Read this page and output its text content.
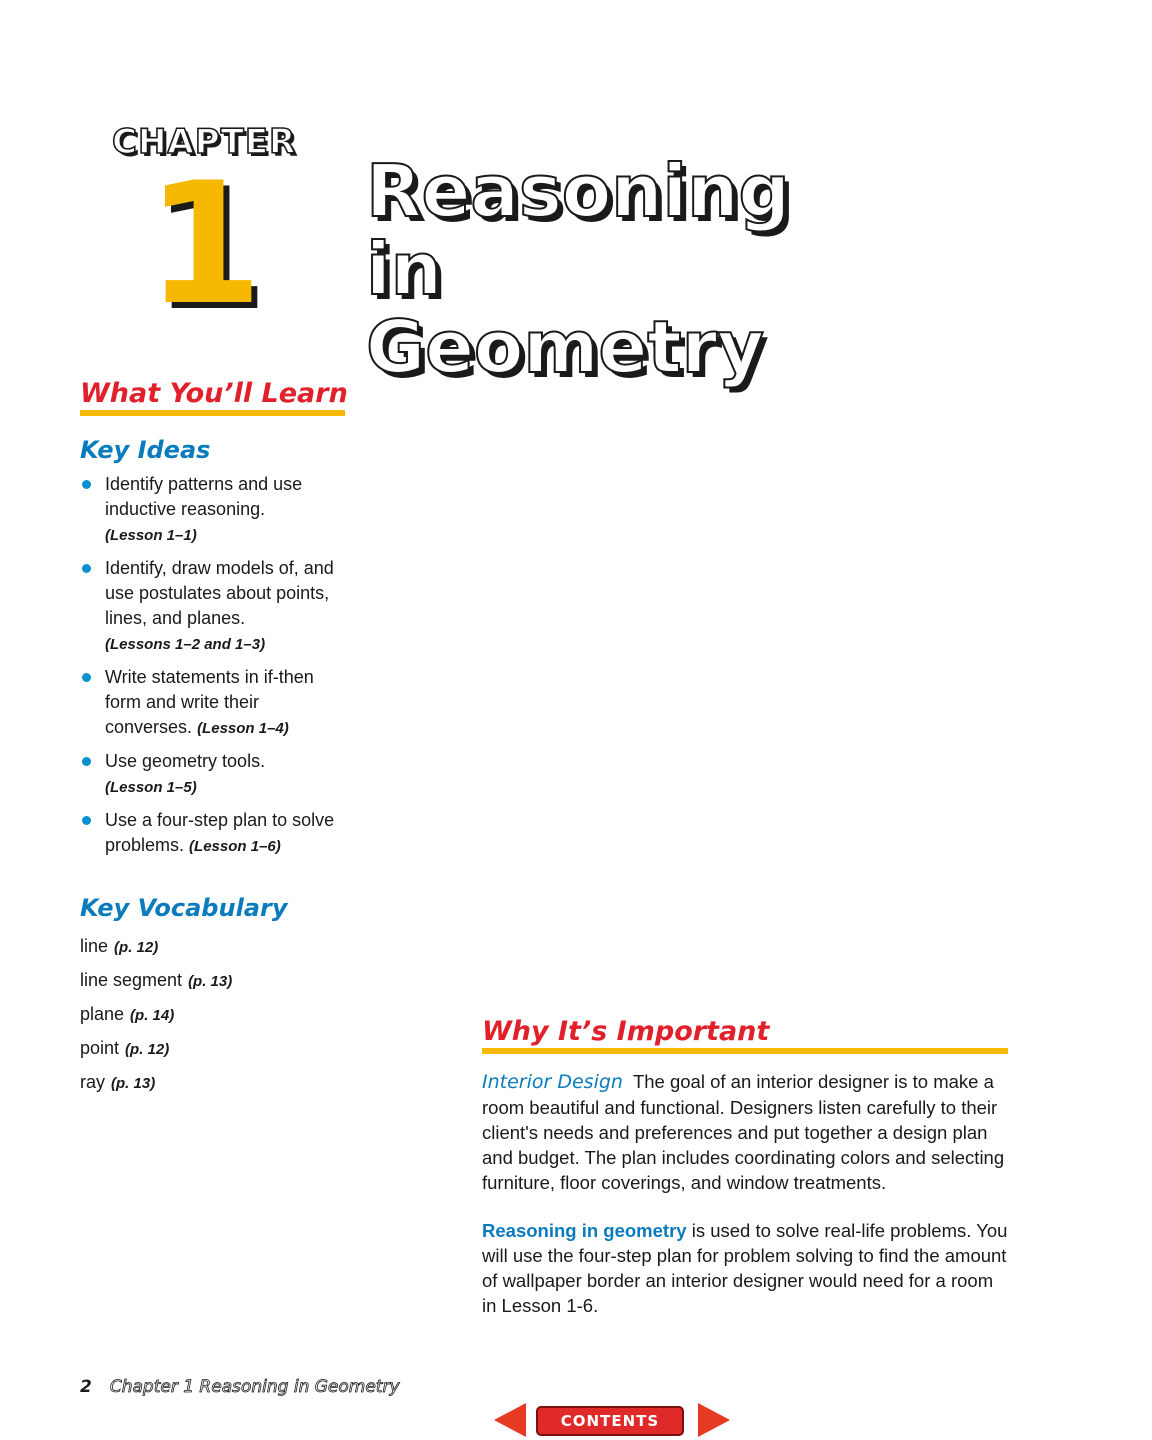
CHAPTER
1 Reasoning in
Geometry
What You’ll Learn
Key Ideas
Identify patterns and use inductive reasoning.
(Lesson 1–1)
Identify, draw models of, and use postulates about points, lines, and planes.
(Lessons 1–2 and 1–3)
Write statements in if-then form and write their converses. (Lesson 1–4)
Use geometry tools.
(Lesson 1–5)
Use a four-step plan to solve problems. (Lesson 1–6)
Key Vocabulary
line (p. 12)
line segment (p. 13)
plane (p. 14)
point (p. 12)
ray (p. 13)
Why It’s Important

Interior Design The goal of an interior designer is to make a room beautiful and functional. Designers listen carefully to their client's needs and preferences and put together a design plan and budget. The plan includes coordinating colors and selecting furniture, floor coverings, and window treatments.

Reasoning in geometry is used to solve real-life problems. You will use the four-step plan for problem solving to find the amount of wallpaper border an interior designer would need for a room in Lesson 1-6.

2 Chapter 1 Reasoning in Geometry
CONTENTS
